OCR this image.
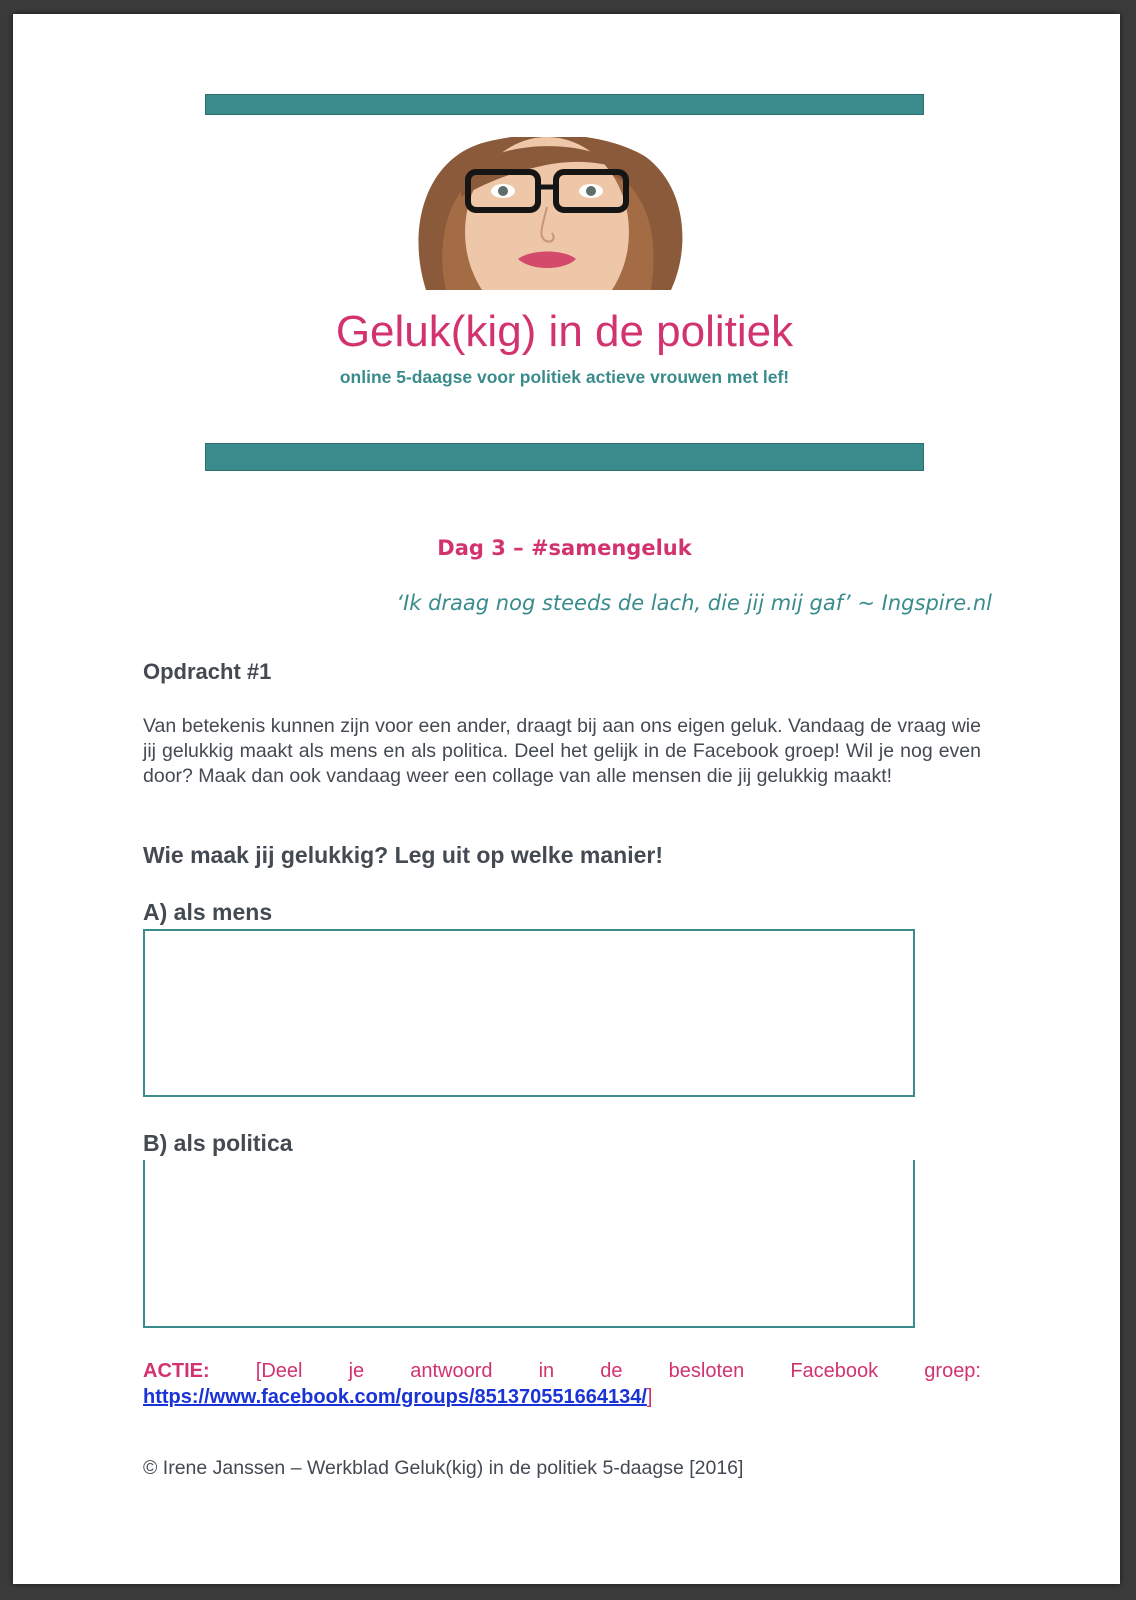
Geluk(kig) in de politiek
online 5-daagse voor politiek actieve vrouwen met lef!
Dag 3 – #samengeluk
‘Ik draag nog steeds de lach, die jij mij gaf’ ~ Ingspire.nl
Opdracht #1

Van betekenis kunnen zijn voor een ander, draagt bij aan ons eigen geluk. Vandaag de vraag wie jij gelukkig maakt als mens en als politica. Deel het gelijk in de Facebook groep! Wil je nog even door? Maak dan ook vandaag weer een collage van alle mensen die jij gelukkig maakt!

Wie maak jij gelukkig? Leg uit op welke manier!
A) als mens
B) als politica
ACTIE: [Deel je antwoord in de besloten Facebook groep:
https://www.facebook.com/groups/851370551664134/]
© Irene Janssen – Werkblad Geluk(kig) in de politiek 5-daagse [2016]
